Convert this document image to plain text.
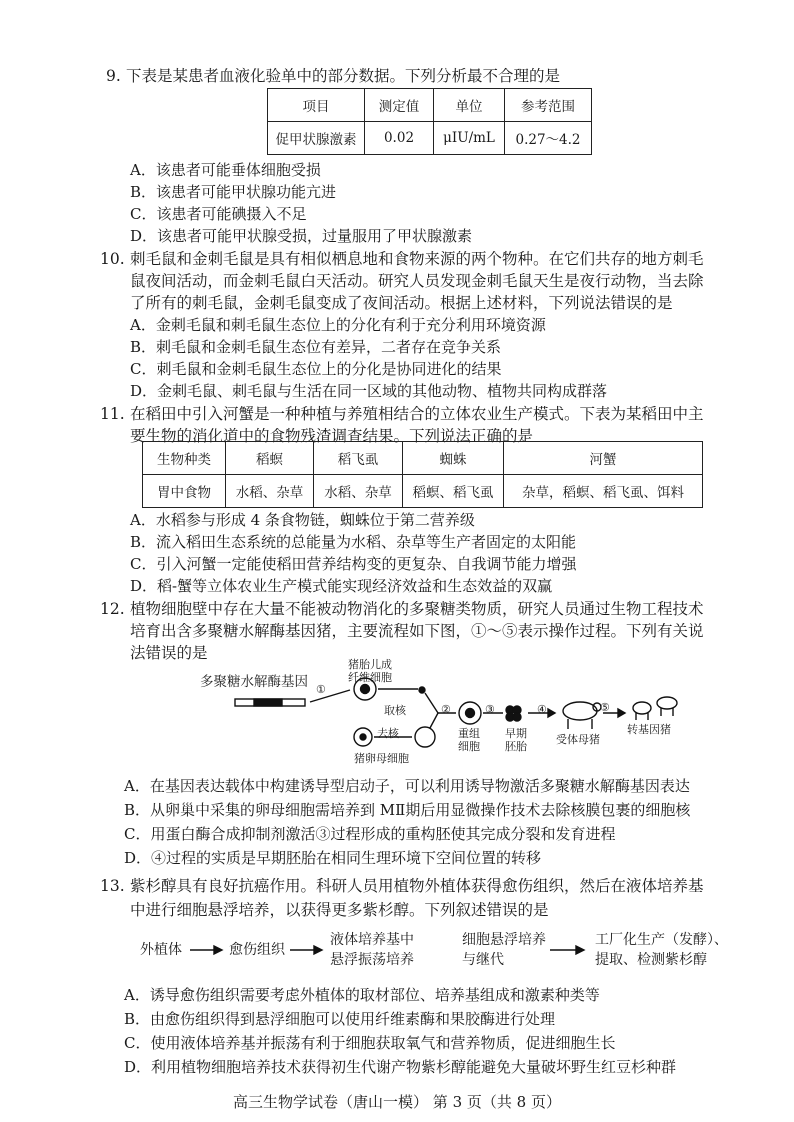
9. 下表是某患者血液化验单中的部分数据。下列分析最不合理的是
项目	测定值	单位	参考范围
促甲状腺激素	0.02	μIU/mL	0.27～4.2
A．该患者可能垂体细胞受损
B．该患者可能甲状腺功能亢进
C．该患者可能碘摄入不足
D．该患者可能甲状腺受损，过量服用了甲状腺激素
10. 刺毛鼠和金刺毛鼠是具有相似栖息地和食物来源的两个物种。在它们共存的地方刺毛
鼠夜间活动，而金刺毛鼠白天活动。研究人员发现金刺毛鼠天生是夜行动物，当去除
了所有的刺毛鼠，金刺毛鼠变成了夜间活动。根据上述材料，下列说法错误的是
A．金刺毛鼠和刺毛鼠生态位上的分化有利于充分利用环境资源
B．刺毛鼠和金刺毛鼠生态位有差异，二者存在竞争关系
C．刺毛鼠和金刺毛鼠生态位上的分化是协同进化的结果
D．金刺毛鼠、刺毛鼠与生活在同一区域的其他动物、植物共同构成群落
11. 在稻田中引入河蟹是一种种植与养殖相结合的立体农业生产模式。下表为某稻田中主
要生物的消化道中的食物残渣调查结果。下列说法正确的是
生物种类	稻螟	稻飞虱	蜘蛛	河蟹
胃中食物	水稻、杂草	水稻、杂草	稻螟、稻飞虱	杂草，稻螟、稻飞虱、饵料
A．水稻参与形成 4 条食物链，蜘蛛位于第二营养级
B．流入稻田生态系统的总能量为水稻、杂草等生产者固定的太阳能
C．引入河蟹一定能使稻田营养结构变的更复杂、自我调节能力增强
D．稻-蟹等立体农业生产模式能实现经济效益和生态效益的双赢
12. 植物细胞壁中存在大量不能被动物消化的多聚糖类物质，研究人员通过生物工程技术
培育出含多聚糖水解酶基因猪，主要流程如下图，①～⑤表示操作过程。下列有关说
法错误的是
多聚糖水解酶基因
猪胎儿成
纤维细胞
①
取核
去核
猪卵母细胞
②	③
重组
细胞
早期
胚胎
④	⑤
受体母猪
转基因猪
A．在基因表达载体中构建诱导型启动子，可以利用诱导物激活多聚糖水解酶基因表达
B．从卵巢中采集的卵母细胞需培养到 MⅡ期后用显微操作技术去除核膜包裹的细胞核
C．用蛋白酶合成抑制剂激活③过程形成的重构胚使其完成分裂和发育进程
D．④过程的实质是早期胚胎在相同生理环境下空间位置的转移
13. 紫杉醇具有良好抗癌作用。科研人员用植物外植体获得愈伤组织，然后在液体培养基
中进行细胞悬浮培养，以获得更多紫杉醇。下列叙述错误的是
外植体	愈伤组织
液体培养基中
悬浮振荡培养
细胞悬浮培养
与继代
工厂化生产（发酵）、
提取、检测紫杉醇
A．诱导愈伤组织需要考虑外植体的取材部位、培养基组成和激素种类等
B．由愈伤组织得到悬浮细胞可以使用纤维素酶和果胶酶进行处理
C．使用液体培养基并振荡有利于细胞获取氧气和营养物质，促进细胞生长
D．利用植物细胞培养技术获得初生代谢产物紫杉醇能避免大量破坏野生红豆杉种群
高三生物学试卷（唐山一模） 第 3 页（共 8 页）
